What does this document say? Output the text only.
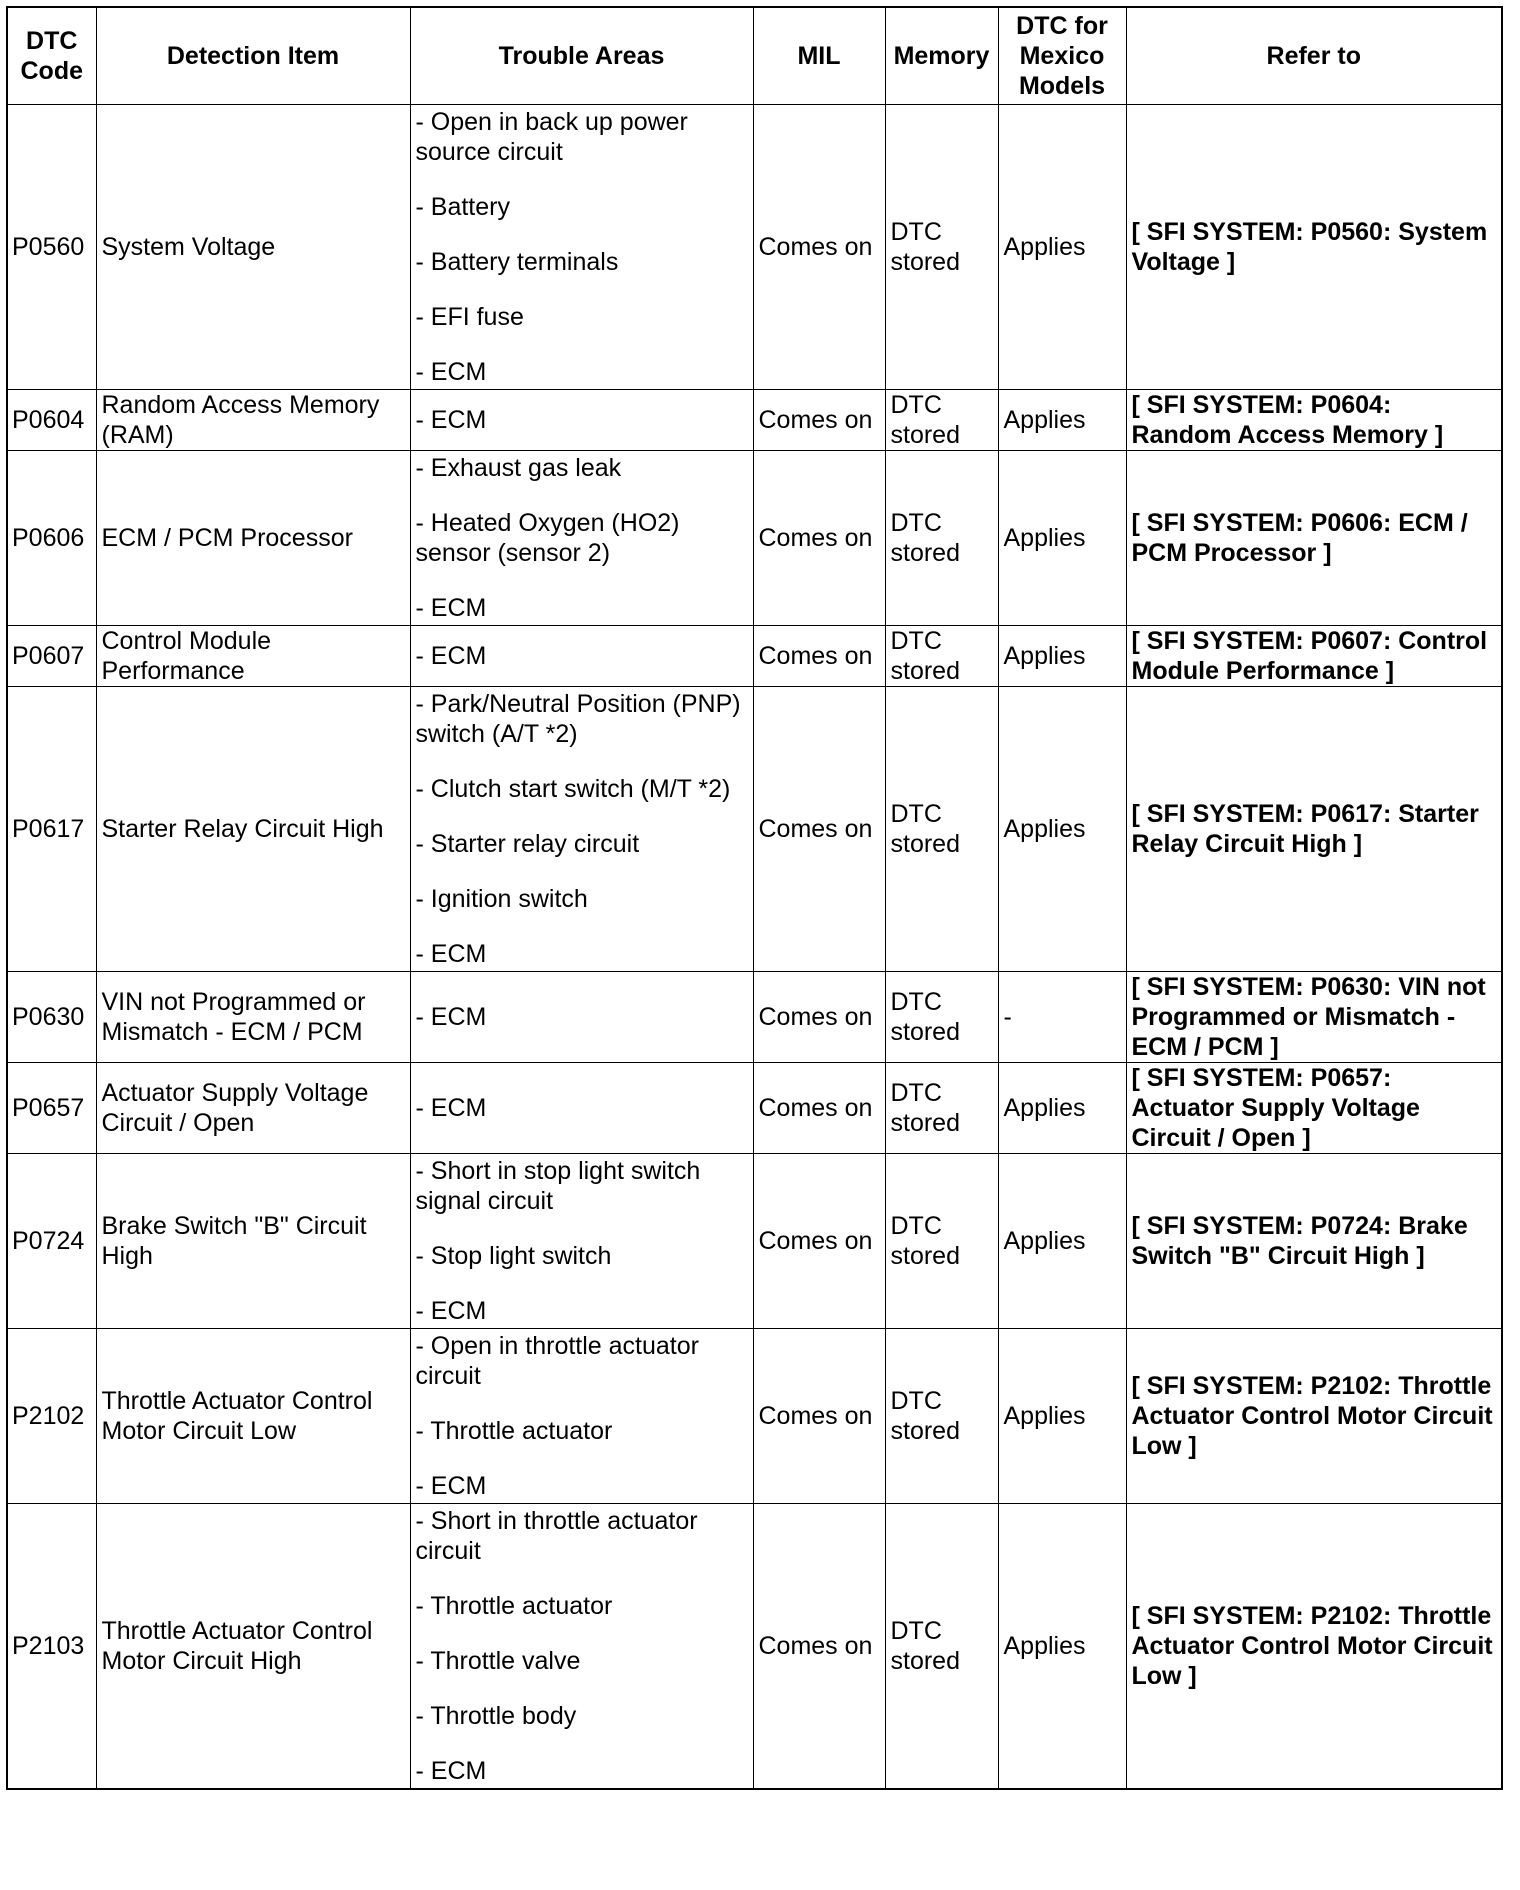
DTC Code	Detection Item	Trouble Areas	MIL	Memory	DTC for Mexico Models	Refer to
P0560	System Voltage	- Open in back up power source circuit
- Battery
- Battery terminals
- EFI fuse
- ECM	Comes on	DTC stored	Applies	[ SFI SYSTEM: P0560: System Voltage ]
P0604	Random Access Memory (RAM)	- ECM	Comes on	DTC stored	Applies	[ SFI SYSTEM: P0604: Random Access Memory ]
P0606	ECM / PCM Processor	- Exhaust gas leak
- Heated Oxygen (HO2) sensor (sensor 2)
- ECM	Comes on	DTC stored	Applies	[ SFI SYSTEM: P0606: ECM / PCM Processor ]
P0607	Control Module Performance	- ECM	Comes on	DTC stored	Applies	[ SFI SYSTEM: P0607: Control Module Performance ]
P0617	Starter Relay Circuit High	- Park/Neutral Position (PNP) switch (A/T *2)
- Clutch start switch (M/T *2)
- Starter relay circuit
- Ignition switch
- ECM	Comes on	DTC stored	Applies	[ SFI SYSTEM: P0617: Starter Relay Circuit High ]
P0630	VIN not Programmed or Mismatch - ECM / PCM	- ECM	Comes on	DTC stored	-	[ SFI SYSTEM: P0630: VIN not Programmed or Mismatch - ECM / PCM ]
P0657	Actuator Supply Voltage Circuit / Open	- ECM	Comes on	DTC stored	Applies	[ SFI SYSTEM: P0657: Actuator Supply Voltage Circuit / Open ]
P0724	Brake Switch "B" Circuit High	- Short in stop light switch signal circuit
- Stop light switch
- ECM	Comes on	DTC stored	Applies	[ SFI SYSTEM: P0724: Brake Switch "B" Circuit High ]
P2102	Throttle Actuator Control Motor Circuit Low	- Open in throttle actuator circuit
- Throttle actuator
- ECM	Comes on	DTC stored	Applies	[ SFI SYSTEM: P2102: Throttle Actuator Control Motor Circuit Low ]
P2103	Throttle Actuator Control Motor Circuit High	- Short in throttle actuator circuit
- Throttle actuator
- Throttle valve
- Throttle body
- ECM	Comes on	DTC stored	Applies	[ SFI SYSTEM: P2102: Throttle Actuator Control Motor Circuit Low ]
